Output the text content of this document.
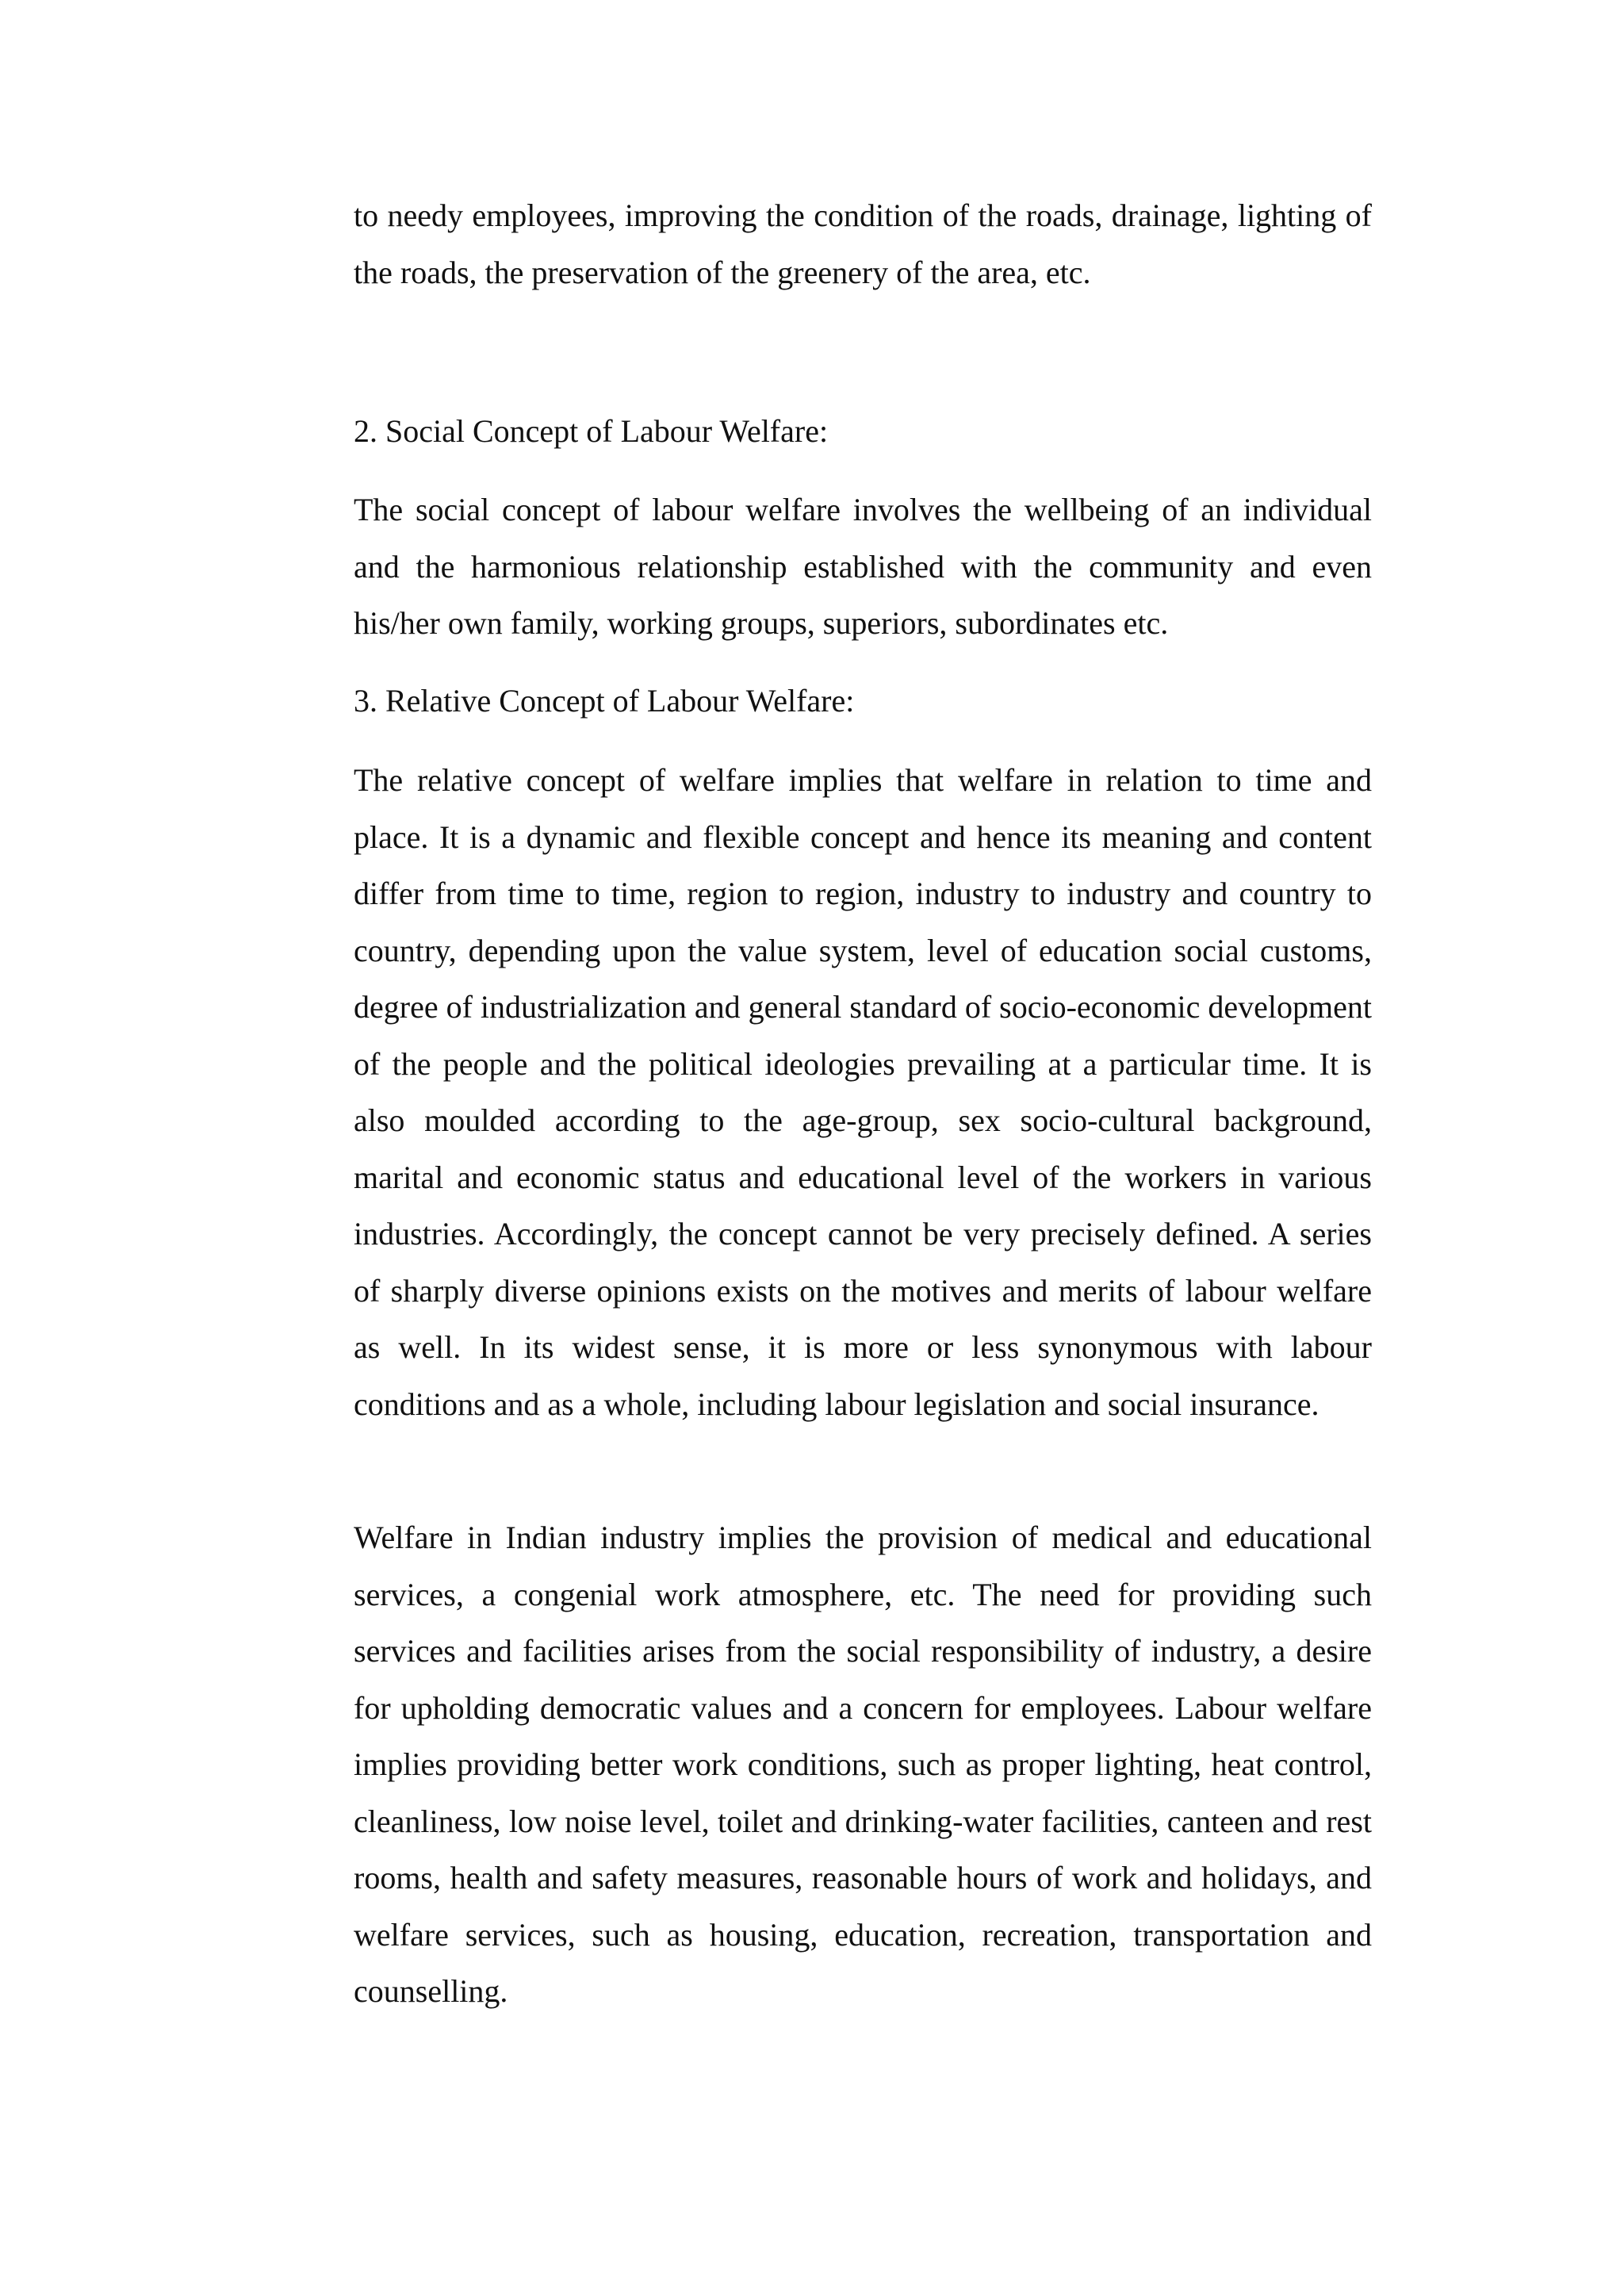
to needy employees, improving the condition of the roads, drainage, lighting of the roads, the preservation of the greenery of the area, etc.

2. Social Concept of Labour Welfare:

The social concept of labour welfare involves the wellbeing of an individual and the harmonious relationship established with the community and even his/her own family, working groups, superiors, subordinates etc.

3. Relative Concept of Labour Welfare:

The relative concept of welfare implies that welfare in relation to time and place. It is a dynamic and flexible concept and hence its meaning and content differ from time to time, region to region, industry to industry and country to country, depending upon the value system, level of education social customs, degree of industrialization and general standard of socio-economic development of the people and the political ideologies prevailing at a particular time. It is also moulded according to the age-group, sex socio-cultural background, marital and economic status and educational level of the workers in various industries. Accordingly, the concept cannot be very precisely defined. A series of sharply diverse opinions exists on the motives and merits of labour welfare as well. In its widest sense, it is more or less synonymous with labour conditions and as a whole, including labour legislation and social insurance.

Welfare in Indian industry implies the provision of medical and educational services, a congenial work atmosphere, etc. The need for providing such services and facilities arises from the social responsibility of industry, a desire for upholding democratic values and a concern for employees. Labour welfare implies providing better work conditions, such as proper lighting, heat control, cleanliness, low noise level, toilet and drinking-water facilities, canteen and rest rooms, health and safety measures, reasonable hours of work and holidays, and welfare services, such as housing, education, recreation, transportation and counselling.
